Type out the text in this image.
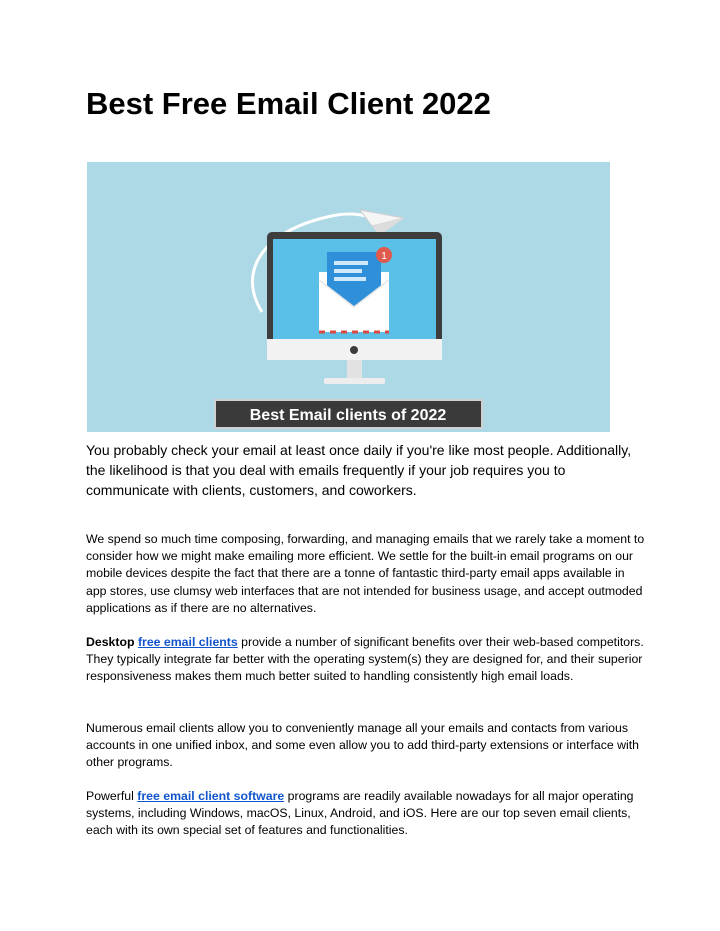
Best Free Email Client 2022
1
Best Email clients of 2022

You probably check your email at least once daily if you're like most people. Additionally, the likelihood is that you deal with emails frequently if your job requires you to communicate with clients, customers, and coworkers.

We spend so much time composing, forwarding, and managing emails that we rarely take a moment to consider how we might make emailing more efficient. We settle for the built-in email programs on our mobile devices despite the fact that there are a tonne of fantastic third-party email apps available in app stores, use clumsy web interfaces that are not intended for business usage, and accept outmoded applications as if there are no alternatives.

Desktop free email clients provide a number of significant benefits over their web-based competitors. They typically integrate far better with the operating system(s) they are designed for, and their superior responsiveness makes them much better suited to handling consistently high email loads.

Numerous email clients allow you to conveniently manage all your emails and contacts from various accounts in one unified inbox, and some even allow you to add third-party extensions or interface with other programs.

Powerful free email client software programs are readily available nowadays for all major operating systems, including Windows, macOS, Linux, Android, and iOS. Here are our top seven email clients, each with its own special set of features and functionalities.
